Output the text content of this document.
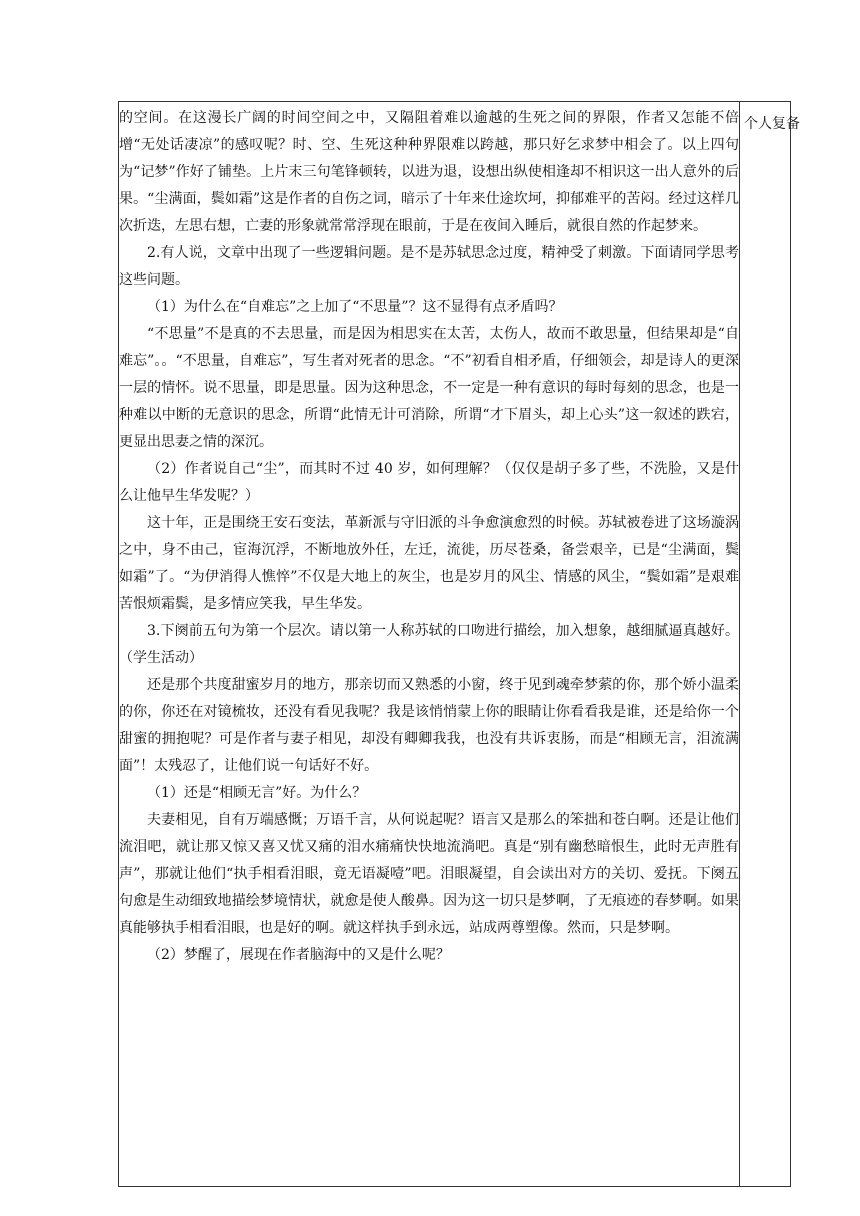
的空间。在这漫长广阔的时间空间之中，又隔阻着难以逾越的生死之间的界限，作者又怎能不倍增“无处话凄凉”的感叹呢？时、空、生死这种种界限难以跨越，那只好乞求梦中相会了。以上四句为“记梦”作好了铺垫。上片末三句笔锋顿转，以进为退，设想出纵使相逢却不相识这一出人意外的后果。“尘满面，鬓如霜”这是作者的自伤之词，暗示了十年来仕途坎坷，抑郁难平的苦闷。经过这样几次折迭，左思右想，亡妻的形象就常常浮现在眼前，于是在夜间入睡后，就很自然的作起梦来。

2.有人说，文章中出现了一些逻辑问题。是不是苏轼思念过度，精神受了刺激。下面请同学思考这些问题。

（1）为什么在“自难忘”之上加了“不思量”？这不显得有点矛盾吗？

“不思量”不是真的不去思量，而是因为相思实在太苦，太伤人，故而不敢思量，但结果却是“自难忘”。。“不思量，自难忘”，写生者对死者的思念。“不”初看自相矛盾，仔细领会，却是诗人的更深一层的情怀。说不思量，即是思量。因为这种思念，不一定是一种有意识的每时每刻的思念，也是一种难以中断的无意识的思念，所谓“此情无计可消除，所谓“才下眉头，却上心头”这一叙述的跌宕，更显出思妻之情的深沉。

（2）作者说自己“尘”，而其时不过 40 岁，如何理解？（仅仅是胡子多了些，不洗脸，又是什么让他早生华发呢？）

这十年，正是围绕王安石变法，革新派与守旧派的斗争愈演愈烈的时候。苏轼被卷进了这场漩涡之中，身不由己，宦海沉浮，不断地放外任，左迁，流徙，历尽苍桑，备尝艰辛，已是“尘满面，鬓如霜”了。“为伊消得人憔悴”不仅是大地上的灰尘，也是岁月的风尘、情感的风尘，“鬓如霜”是艰难苦恨烦霜鬓，是多情应笑我，早生华发。

3.下阕前五句为第一个层次。请以第一人称苏轼的口吻进行描绘，加入想象，越细腻逼真越好。（学生活动）

还是那个共度甜蜜岁月的地方，那亲切而又熟悉的小窗，终于见到魂牵梦萦的你，那个娇小温柔的你，你还在对镜梳妆，还没有看见我呢？我是该悄悄蒙上你的眼睛让你看看我是谁，还是给你一个甜蜜的拥抱呢？可是作者与妻子相见，却没有卿卿我我，也没有共诉衷肠，而是“相顾无言，泪流满面”！太残忍了，让他们说一句话好不好。

（1）还是“相顾无言”好。为什么？

夫妻相见，自有万端感慨；万语千言，从何说起呢？语言又是那么的笨拙和苍白啊。还是让他们流泪吧，就让那又惊又喜又忧又痛的泪水痛痛快快地流淌吧。真是“别有幽愁暗恨生，此时无声胜有声”，那就让他们“执手相看泪眼，竟无语凝噎”吧。泪眼凝望，自会读出对方的关切、爱抚。下阕五句愈是生动细致地描绘梦境情状，就愈是使人酸鼻。因为这一切只是梦啊，了无痕迹的春梦啊。如果真能够执手相看泪眼，也是好的啊。就这样执手到永远，站成两尊塑像。然而，只是梦啊。

（2）梦醒了，展现在作者脑海中的又是什么呢？

个人复备
